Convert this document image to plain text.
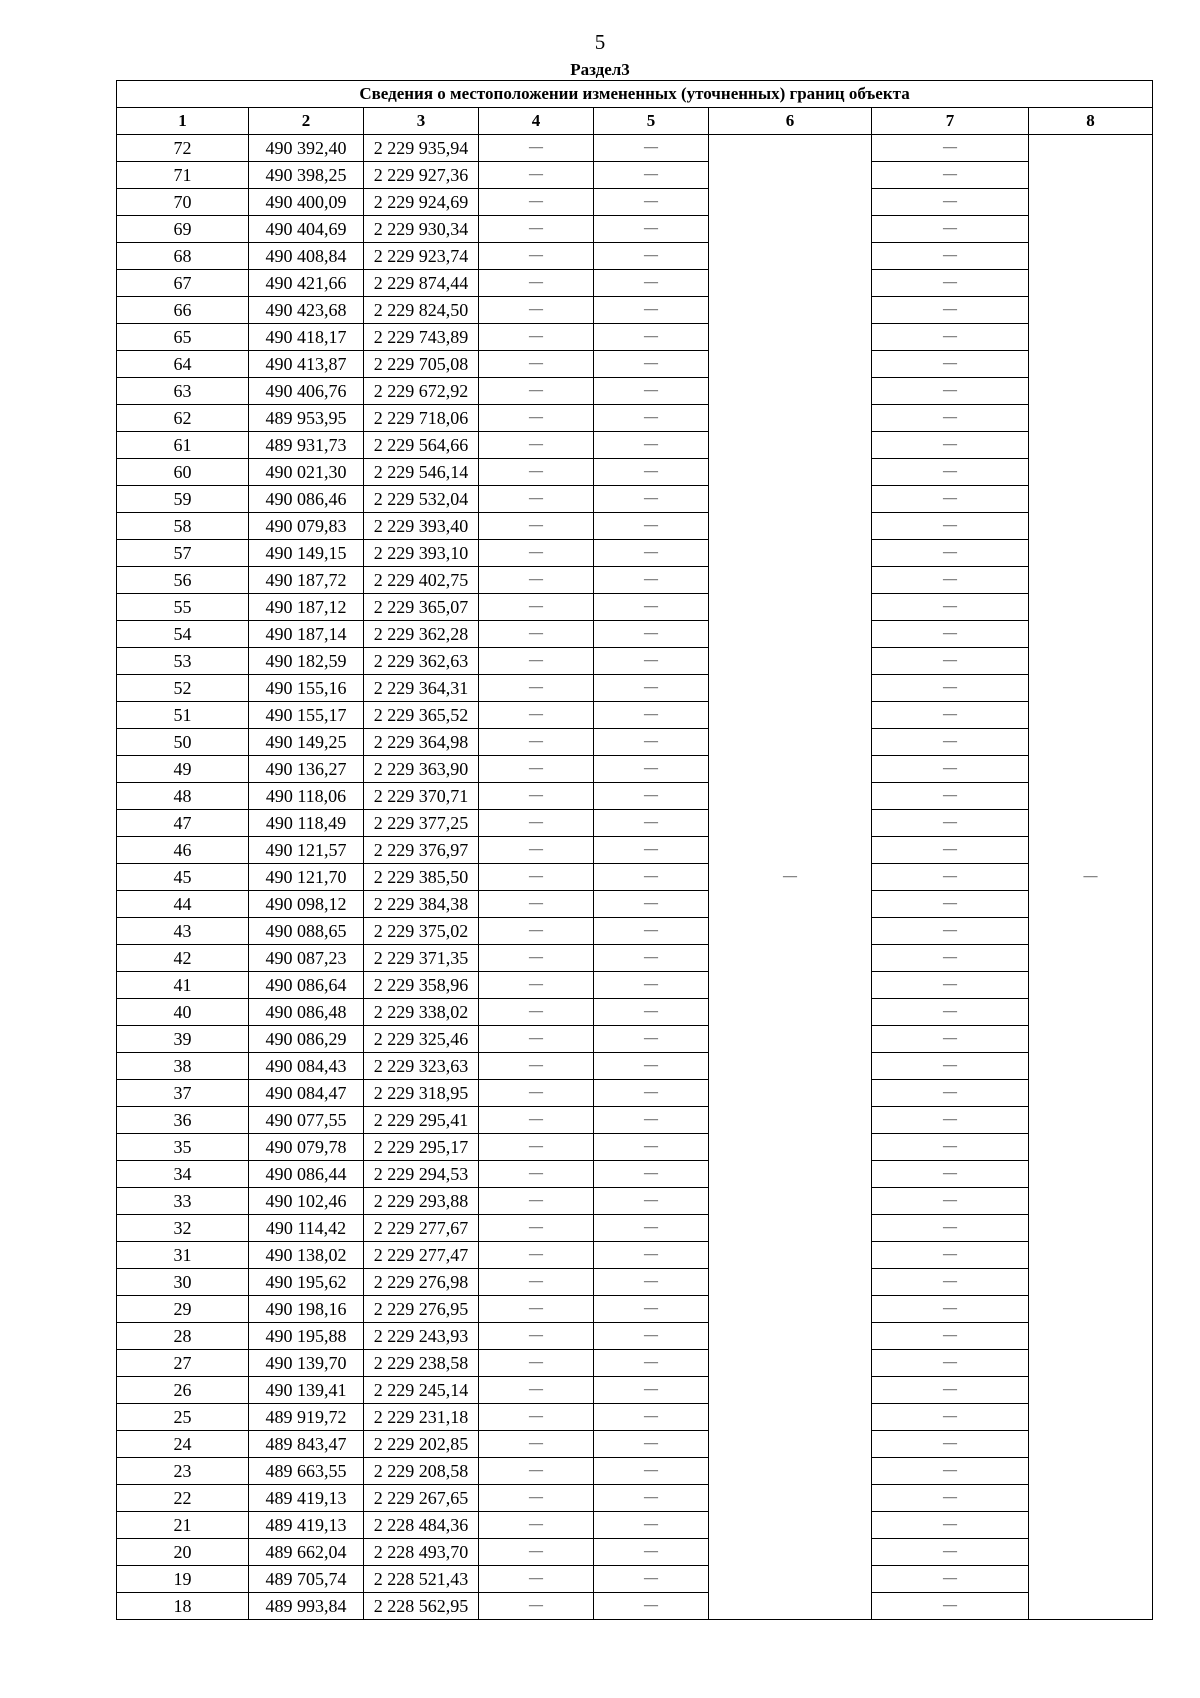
5
Раздел3
Сведения о местоположении измененных (уточненных) границ объекта							
1	2	3	4	5	6	7	8
72	490 392,40	2 229 935,94	—	—	—	—	—
71	490 398,25	2 229 927,36	—	—		—	
70	490 400,09	2 229 924,69	—	—		—	
69	490 404,69	2 229 930,34	—	—		—	
68	490 408,84	2 229 923,74	—	—		—	
67	490 421,66	2 229 874,44	—	—		—	
66	490 423,68	2 229 824,50	—	—		—	
65	490 418,17	2 229 743,89	—	—		—	
64	490 413,87	2 229 705,08	—	—		—	
63	490 406,76	2 229 672,92	—	—		—	
62	489 953,95	2 229 718,06	—	—		—	
61	489 931,73	2 229 564,66	—	—		—	
60	490 021,30	2 229 546,14	—	—		—	
59	490 086,46	2 229 532,04	—	—		—	
58	490 079,83	2 229 393,40	—	—		—	
57	490 149,15	2 229 393,10	—	—		—	
56	490 187,72	2 229 402,75	—	—		—	
55	490 187,12	2 229 365,07	—	—		—	
54	490 187,14	2 229 362,28	—	—		—	
53	490 182,59	2 229 362,63	—	—		—	
52	490 155,16	2 229 364,31	—	—		—	
51	490 155,17	2 229 365,52	—	—		—	
50	490 149,25	2 229 364,98	—	—		—	
49	490 136,27	2 229 363,90	—	—		—	
48	490 118,06	2 229 370,71	—	—		—	
47	490 118,49	2 229 377,25	—	—		—	
46	490 121,57	2 229 376,97	—	—		—	
45	490 121,70	2 229 385,50	—	—		—	
44	490 098,12	2 229 384,38	—	—		—	
43	490 088,65	2 229 375,02	—	—		—	
42	490 087,23	2 229 371,35	—	—		—	
41	490 086,64	2 229 358,96	—	—		—	
40	490 086,48	2 229 338,02	—	—		—	
39	490 086,29	2 229 325,46	—	—		—	
38	490 084,43	2 229 323,63	—	—		—	
37	490 084,47	2 229 318,95	—	—		—	
36	490 077,55	2 229 295,41	—	—		—	
35	490 079,78	2 229 295,17	—	—		—	
34	490 086,44	2 229 294,53	—	—		—	
33	490 102,46	2 229 293,88	—	—		—	
32	490 114,42	2 229 277,67	—	—		—	
31	490 138,02	2 229 277,47	—	—		—	
30	490 195,62	2 229 276,98	—	—		—	
29	490 198,16	2 229 276,95	—	—		—	
28	490 195,88	2 229 243,93	—	—		—	
27	490 139,70	2 229 238,58	—	—		—	
26	490 139,41	2 229 245,14	—	—		—	
25	489 919,72	2 229 231,18	—	—		—	
24	489 843,47	2 229 202,85	—	—		—	
23	489 663,55	2 229 208,58	—	—		—	
22	489 419,13	2 229 267,65	—	—		—	
21	489 419,13	2 228 484,36	—	—		—	
20	489 662,04	2 228 493,70	—	—		—	
19	489 705,74	2 228 521,43	—	—		—	
18	489 993,84	2 228 562,95	—	—		—	
